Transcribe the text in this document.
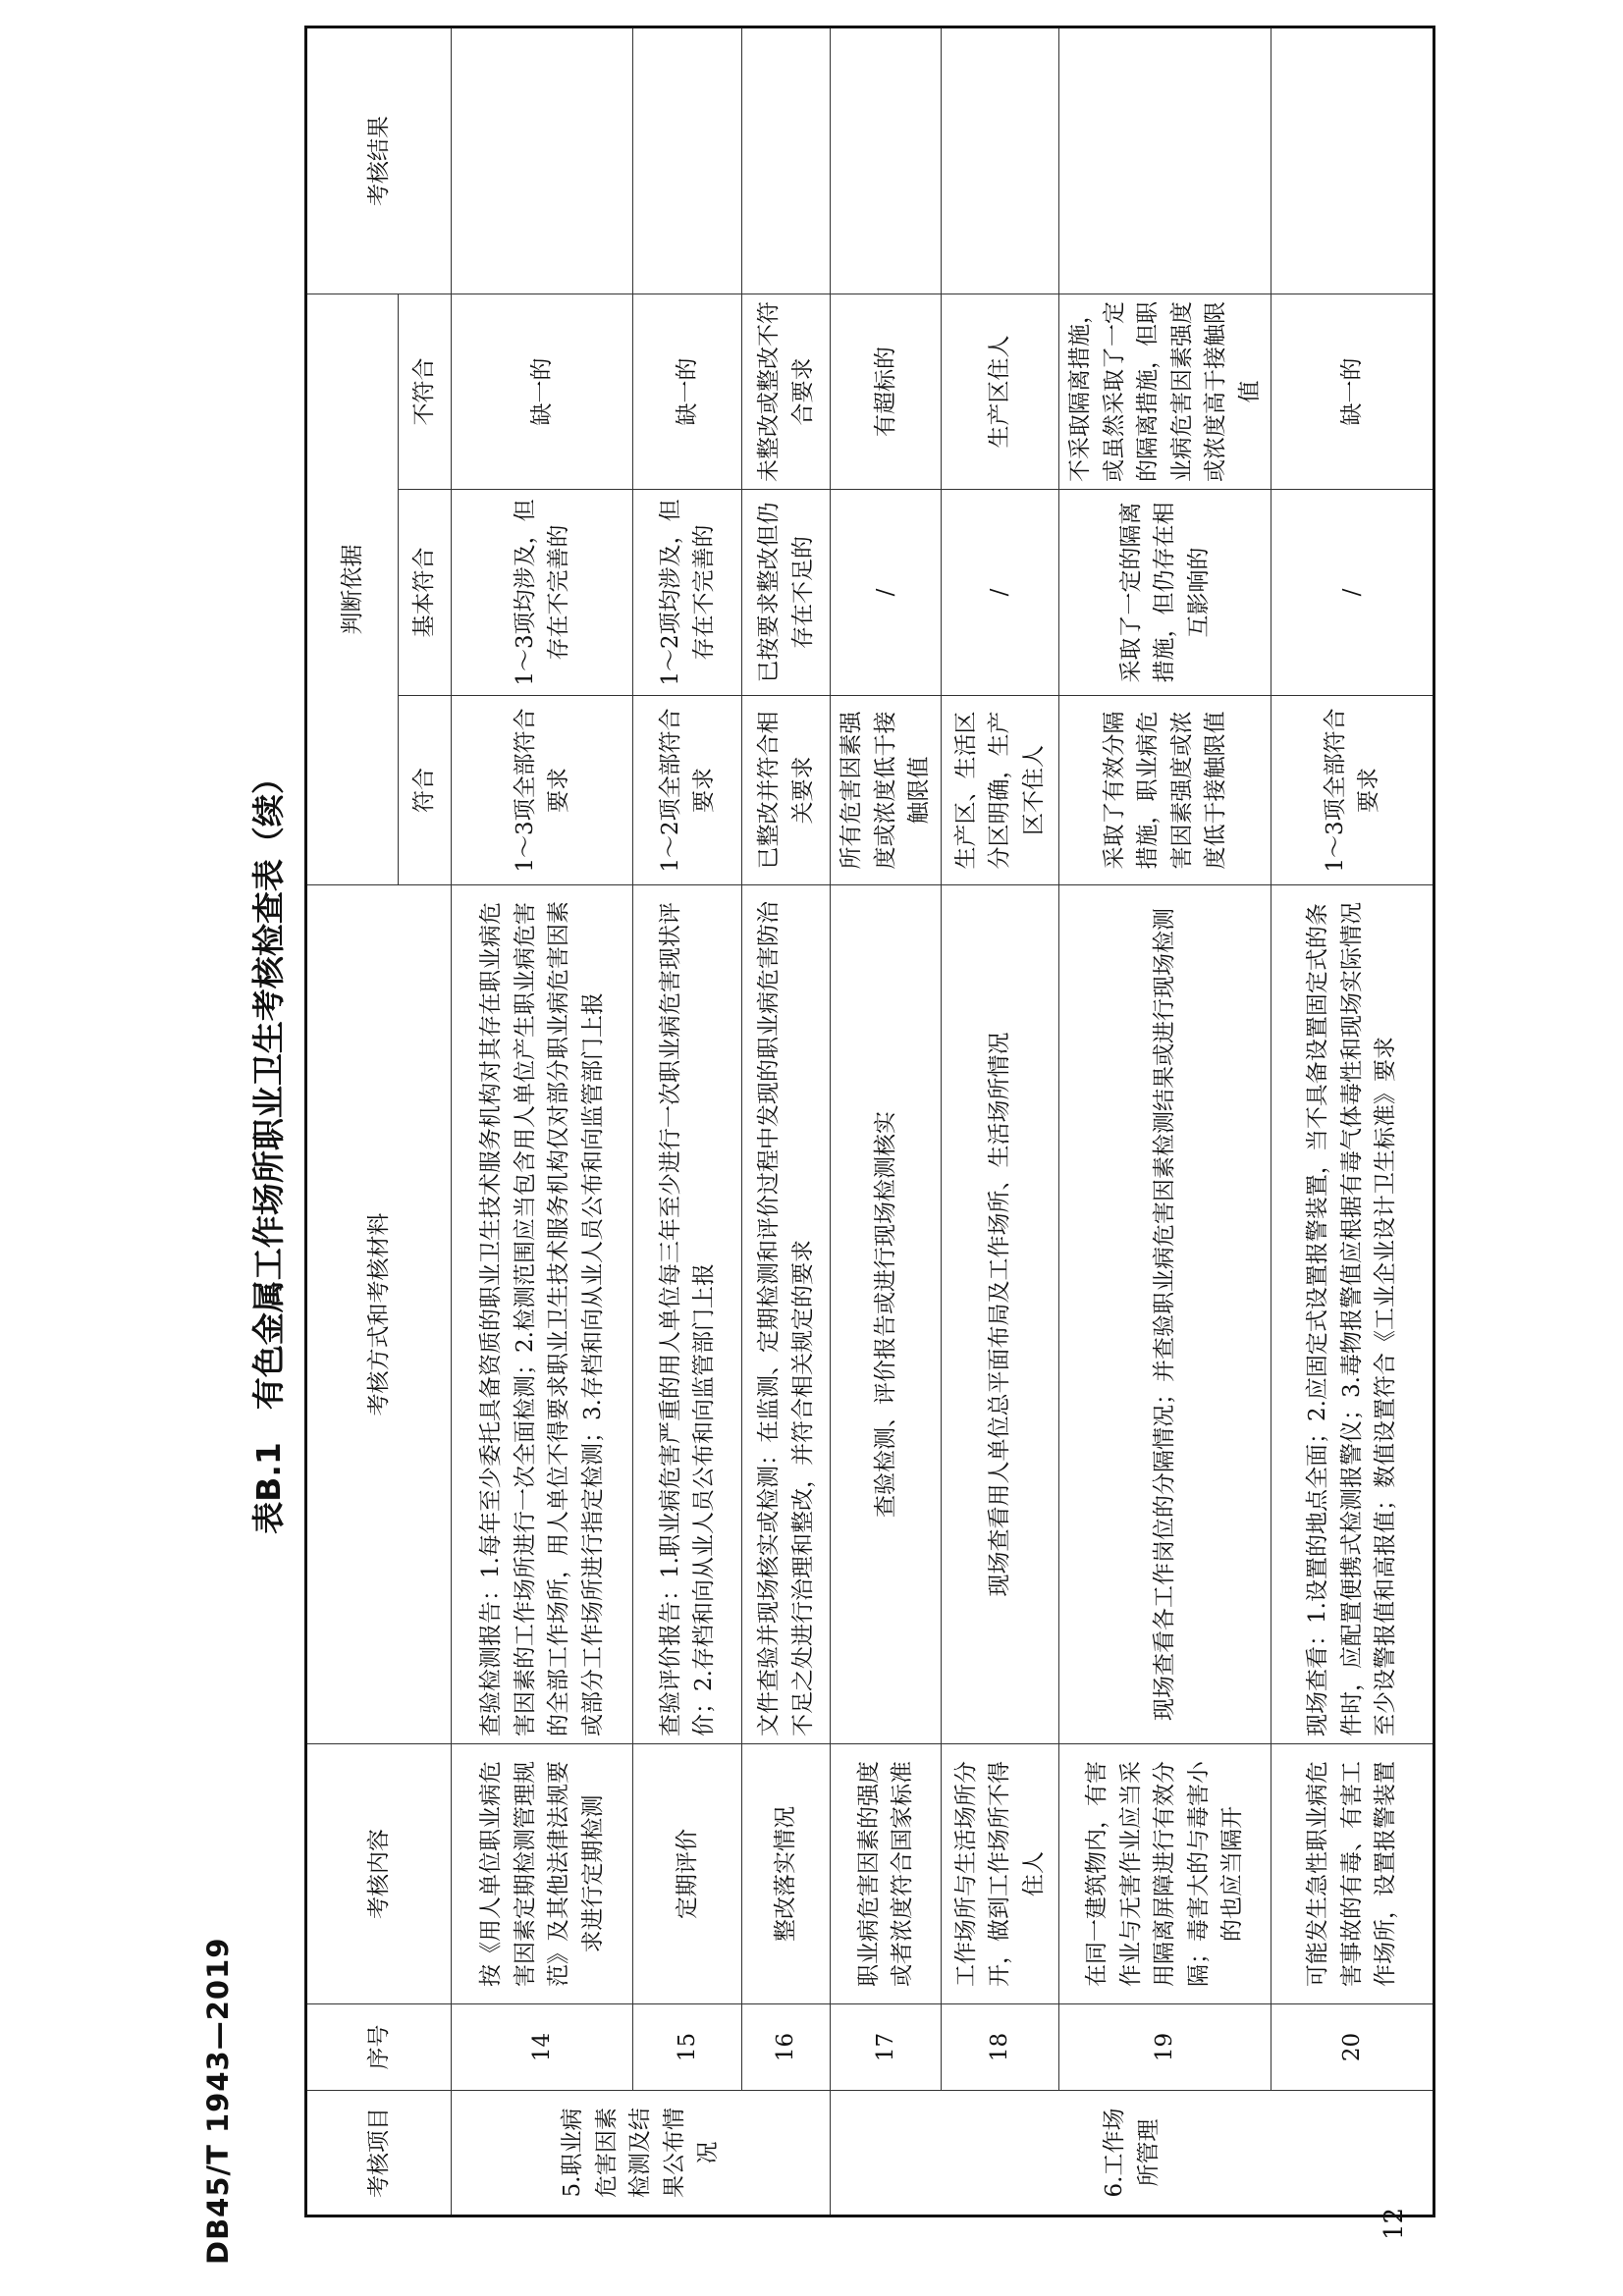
DB45/T 1943—2019
表B.1　有色金属工作场所职业卫生考核检查表（续）
考核项目	序号	考核内容	考核方式和考核材料	判断依据			考核结果
				符合	基本符合	不符合	
5.职业病危害因素检测及结果公布情况	14	按《用人单位职业病危害因素定期检测管理规范》及其他法律法规要求进行定期检测	查验检测报告：1.每年至少委托具备资质的职业卫生技术服务机构对其存在职业病危害因素的工作场所进行一次全面检测；2.检测范围应当包含用人单位产生职业病危害的全部工作场所，用人单位不得要求职业卫生技术服务机构仅对部分职业病危害因素或部分工作场所进行指定检测；3.存档和向从业人员公布和向监管部门上报	1～3项全部符合要求	1～3项均涉及，但存在不完善的	缺一的	
	15	定期评价	查验评价报告：1.职业病危害严重的用人单位每三年至少进行一次职业病危害现状评价；2.存档和向从业人员公布和向监管部门上报	1～2项全部符合要求	1～2项均涉及，但存在不完善的	缺一的	
	16	整改落实情况	文件查验并现场核实或检测：在监测、定期检测和评价过程中发现的职业病危害防治不足之处进行治理和整改，并符合相关规定的要求	已整改并符合相关要求	已按要求整改但仍存在不足的	未整改或整改不符合要求	
6.工作场所管理	17	职业病危害因素的强度或者浓度符合国家标准	查验检测、评价报告或进行现场检测核实	所有危害因素强度或浓度低于接触限值	/	有超标的	
	18	工作场所与生活场所分开，做到工作场所不得住人	现场查看用人单位总平面布局及工作场所、生活场所情况	生产区、生活区分区明确，生产区不住人	/	生产区住人	
	19	在同一建筑物内，有害作业与无害作业应当采用隔离屏障进行有效分隔；毒害大的与毒害小的也应当隔开	现场查看各工作岗位的分隔情况；并查验职业病危害因素检测结果或进行现场检测	采取了有效分隔措施，职业病危害因素强度或浓度低于接触限值	采取了一定的隔离措施，但仍存在相互影响的	不采取隔离措施，或虽然采取了一定的隔离措施，但职业病危害因素强度或浓度高于接触限值	
	20	可能发生急性职业病危害事故的有毒、有害工作场所，设置报警装置	现场查看：1.设置的地点全面；2.应固定式设置报警装置，当不具备设置固定式的条件时，应配置便携式检测报警仪；3.毒物报警值应根据有毒气体毒性和现场实际情况至少设警报值和高报值；数值设置符合《工业企业设计卫生标准》要求	1～3项全部符合要求	/	缺一的	
12
